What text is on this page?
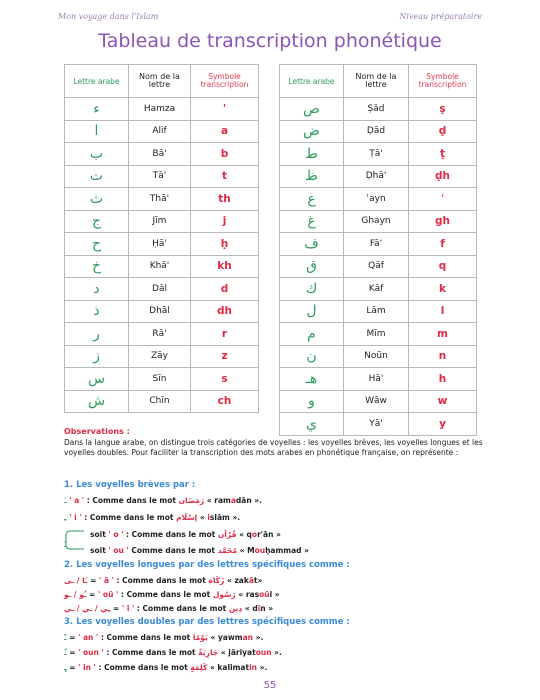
Mon voyage dans l'Islam	Niveau préparatoire
Tableau de transcription phonétique
Lettre arabe	Nom de la lettre	Symbole transcription
ء	Hamza	'
ا	Alif	a
ب	Bā'	b
ت	Tā'	t
ث	Thā'	th
ج	Jīm	j
ح	Ḥā'	ḥ
خ	Khā'	kh
د	Dāl	d
ذ	Dhāl	dh
ر	Rā'	r
ز	Zāy	z
س	Sīn	s
ش	Chīn	ch
Lettre arabe	Nom de la lettre	Symbole transcription
ص	Ṣād	ṣ
ض	Ḍād	ḍ
ط	Ṭā'	ṭ
ظ	Ḍhā'	ḍh
ع	ʿayn	ʿ
غ	Ghayn	gh
ف	Fā'	f
ق	Qāf	q
ك	Kāf	k
ل	Lām	l
م	Mīm	m
ن	Noūn	n
هـ	Hā'	h
و	Wāw	w
ي	Yā'	y
Observations :
Dans la langue arabe, on distingue trois catégories de voyelles : les voyelles brèves, les voyelles longues et les voyelles doubles. Pour faciliter la transcription des mots arabes en phonétique française, on représente :
1. Les voyelles brèves par :
ـَ ' a ' : Comme dans le mot رَمَضَان « ramadān ».
ـِ ' i ' : Comme dans le mot إسْلَام « islām ».
soit ' o ' : Comme dans le mot قُرْآن « qor'ān »
ـُ
soit ' ou ' Comme dans le mot مُحَمَّد « Mouḥammad »
2. Les voyelles longues par des lettres spécifiques comme :
ـَا / ـى = ' ā ' : Comme dans le mot زَكَاة « zakāt»
ـُو / ـو = ' oū ' : Comme dans le mot رَسُول « rasoūl »
ـِي / ـي / ـي = ' ī ' : Comme dans le mot دِين « dīn »
3. Les voyelles doubles par des lettres spécifiques comme :
ـً = ' an ' : Comme dans le mot يَوْمًا « yawman ».
ـٌ = ' oun ' : Comme dans le mot جَارِيَةٌ « jāriyatoun ».
ـٍ = ' in ' : Comme dans le mot كَلِمَةٍ « kalimatin ».
55
